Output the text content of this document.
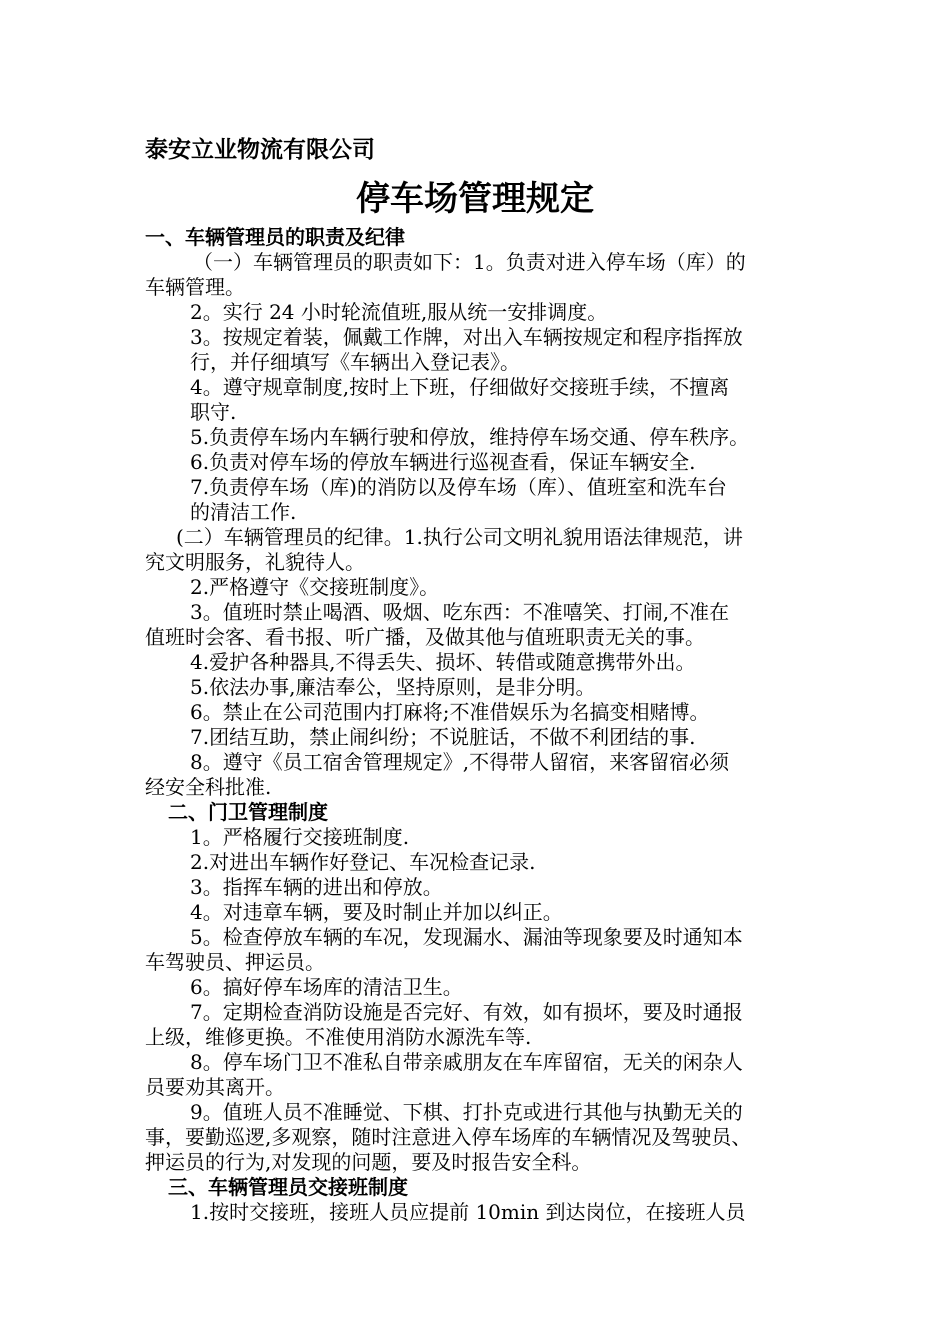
泰安立业物流有限公司
停车场管理规定
一、车辆管理员的职责及纪律
（一）车辆管理员的职责如下：1。负责对进入停车场（库）的
车辆管理。
2。实行 24 小时轮流值班,服从统一安排调度。
3。按规定着装，佩戴工作牌，对出入车辆按规定和程序指挥放
行，并仔细填写《车辆出入登记表》。
4。遵守规章制度,按时上下班，仔细做好交接班手续，不擅离
职守.
5.负责停车场内车辆行驶和停放，维持停车场交通、停车秩序。
6.负责对停车场的停放车辆进行巡视查看，保证车辆安全.
7.负责停车场（库)的消防以及停车场（库）、值班室和洗车台
的清洁工作.
(二）车辆管理员的纪律。1.执行公司文明礼貌用语法律规范，讲
究文明服务，礼貌待人。
2.严格遵守《交接班制度》。
3。值班时禁止喝酒、吸烟、吃东西：不准嘻笑、打闹,不准在
值班时会客、看书报、听广播，及做其他与值班职责无关的事。
4.爱护各种器具,不得丢失、损坏、转借或随意携带外出。
5.依法办事,廉洁奉公，坚持原则，是非分明。
6。禁止在公司范围内打麻将;不准借娱乐为名搞变相赌博。
7.团结互助，禁止闹纠纷；不说脏话，不做不利团结的事.
8。遵守《员工宿舍管理规定》,不得带人留宿，来客留宿必须
经安全科批准.
二、门卫管理制度
1。严格履行交接班制度.
2.对进出车辆作好登记、车况检查记录.
3。指挥车辆的进出和停放。
4。对违章车辆，要及时制止并加以纠正。
5。检查停放车辆的车况，发现漏水、漏油等现象要及时通知本
车驾驶员、押运员。
6。搞好停车场库的清洁卫生。
7。定期检查消防设施是否完好、有效，如有损坏，要及时通报
上级，维修更换。不准使用消防水源洗车等.
8。停车场门卫不准私自带亲戚朋友在车库留宿，无关的闲杂人
员要劝其离开。
9。值班人员不准睡觉、下棋、打扑克或进行其他与执勤无关的
事，要勤巡逻,多观察，随时注意进入停车场库的车辆情况及驾驶员、
押运员的行为,对发现的问题，要及时报告安全科。
三、车辆管理员交接班制度
1.按时交接班，接班人员应提前 10min 到达岗位，在接班人员
